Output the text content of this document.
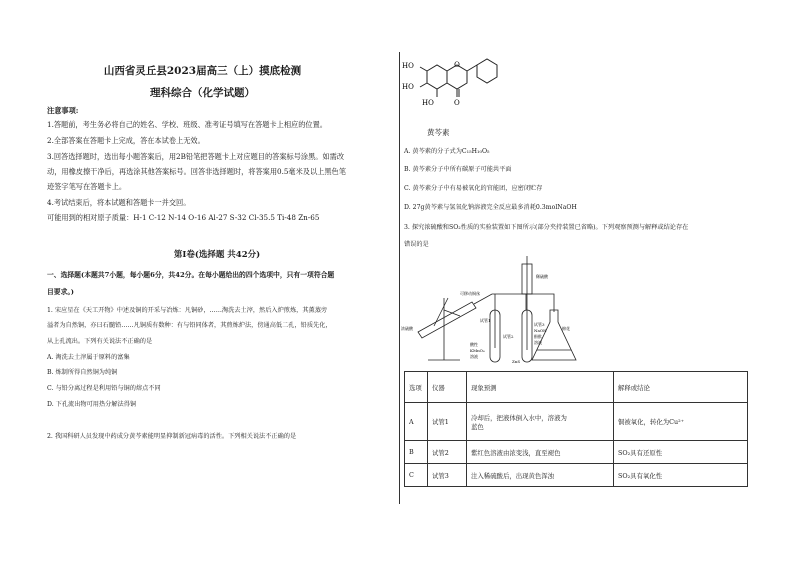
山西省灵丘县2023届高三（上）摸底检测
理科综合（化学试题）
注意事项:
1.答题前，考生务必将自己的姓名、学校、班级、准考证号填写在答题卡上相应的位置。
2.全部答案在答题卡上完成，答在本试卷上无效。
3.回答选择题时，选出每小题答案后，用2B铅笔把答题卡上对应题目的答案标号涂黑。如需改
动，用橡皮擦干净后，再选涂其他答案标号。回答非选择题时，将答案用0.5毫米及以上黑色笔
迹签字笔写在答题卡上。
4.考试结束后，将本试题和答题卡一并交回。
可能用到的相对原子质量：H-1 C-12 N-14 O-16 Al-27 S-32 Cl-35.5 Ti-48 Zn-65
第Ⅰ卷(选择题 共42分)
一、选择题(本题共7小题，每小题6分，共42分。在每小题给出的四个选项中，只有一项符合题
目要求。)
1. 宋应星在《天工开物》中述及铜的开采与冶炼：凡铜砂，……淘洗去土滓，然后入炉煎炼，其薰蒸旁
溢者为自然铜，亦曰石髓铅……凡铜质有数种：有与铅同体者，其煎炼炉法，傍通高低二孔，铅质先化，
从上孔流出。下列有关说法不正确的是
A. 淘洗去土滓属于原料的富集
B. 炼制所得自然铜为纯铜
C. 与铅分离过程是利用铅与铜的熔点不同
D. 下孔流出物可用热分解法得铜
2. 我国科研人员发现中药成分黄芩素能明显抑制新冠病毒的活性。下列相关说法不正确的是
O
HO
HO
HO	O
黄芩素
A. 黄芩素的分子式为C₁₅H₁₀O₅
B. 黄芩素分子中所有碳原子可能共平面
C. 黄芩素分子中有易被氧化的官能团，应密闭贮存
D. 27g黄芩素与氢氧化钠溶液完全反应最多消耗0.3molNaOH
3. 探究浓硫酸和SO₂性质的实验装置如下图所示(部分夹持装置已省略)。下列观察预测与解释或结论存在
错误的是
浓硫酸
可移动铜丝
试管1
稀硫酸
试管2
酸性
KMnO₄
溶液
ZnS
试管3
NaOH
酚酞
溶液
棉花
选项	仪器	现象预测	解释或结论
A	试管1	冷却后，把液体倒入水中，溶液为
蓝色	铜被氧化，转化为Cu²⁺
B	试管2	紫红色溶液由浓变浅，直至褪色	SO₂具有还原性
C	试管3	注入稀硫酸后，出现黄色浑浊	SO₂具有氧化性
